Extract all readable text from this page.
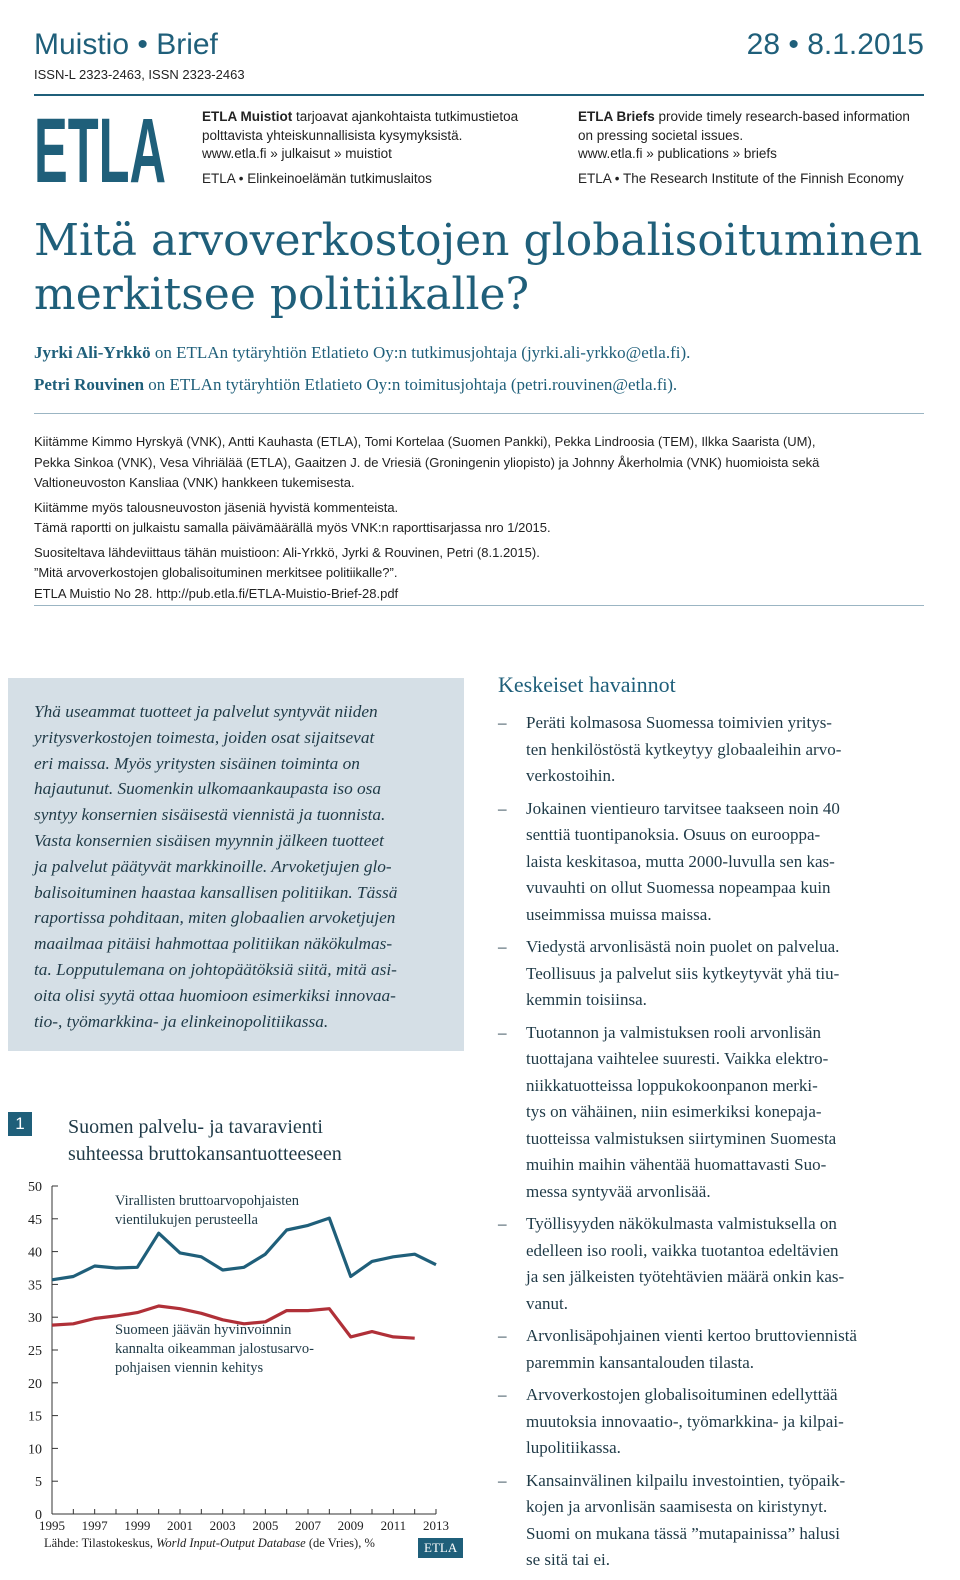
Muistio • Brief	28 • 8.1.2015
ISSN-L 2323-2463, ISSN 2323-2463
ETLA	ETLA Muistiot tarjoavat ajankohtaista tutkimustietoa
polttavista yhteiskunnallisista kysymyksistä.
www.etla.fi » julkaisut » muistiot
ETLA • Elinkeinoelämän tutkimuslaitos
ETLA Briefs provide timely research-based information
on pressing societal issues.
www.etla.fi » publications » briefs
ETLA • The Research Institute of the Finnish Economy
Mitä arvoverkostojen globalisoituminen
merkitsee politiikalle?
Jyrki Ali-Yrkkö on ETLAn tytäryhtiön Etlatieto Oy:n tutkimusjohtaja (jyrki.ali-yrkko@etla.fi).
Petri Rouvinen on ETLAn tytäryhtiön Etlatieto Oy:n toimitusjohtaja (petri.rouvinen@etla.fi).
Kiitämme Kimmo Hyrskyä (VNK), Antti Kauhasta (ETLA), Tomi Kortelaa (Suomen Pankki), Pekka Lindroosia (TEM), Ilkka Saarista (UM),
Pekka Sinkoa (VNK), Vesa Vihriälää (ETLA), Gaaitzen J. de Vriesiä (Groningenin yliopisto) ja Johnny Åkerholmia (VNK) huomioista sekä
Valtioneuvoston Kansliaa (VNK) hankkeen tukemisesta.
Kiitämme myös talousneuvoston jäseniä hyvistä kommenteista.
Tämä raportti on julkaistu samalla päivämäärällä myös VNK:n raporttisarjassa nro 1/2015.
Suositeltava lähdeviittaus tähän muistioon: Ali-Yrkkö, Jyrki & Rouvinen, Petri (8.1.2015).
”Mitä arvoverkostojen globalisoituminen merkitsee politiikalle?”.
ETLA Muistio No 28. http://pub.etla.fi/ETLA-Muistio-Brief-28.pdf
Yhä useammat tuotteet ja palvelut syntyvät niiden
yritysverkostojen toimesta, joiden osat sijaitsevat
eri maissa. Myös yritysten sisäinen toiminta on
hajautunut. Suomenkin ulkomaankaupasta iso osa
syntyy konsernien sisäisestä viennistä ja tuonnista.
Vasta konsernien sisäisen myynnin jälkeen tuotteet
ja palvelut päätyvät markkinoille. Arvoketjujen glo-
balisoituminen haastaa kansallisen politiikan. Tässä
raportissa pohditaan, miten globaalien arvoketjujen
maailmaa pitäisi hahmottaa politiikan näkökulmas-
ta. Lopputulemana on johtopäätöksiä siitä, mitä asi-
oita olisi syytä ottaa huomioon esimerkiksi innovaa-
tio-, työmarkkina- ja elinkeinopolitiikassa.
Keskeiset havainnot
– Peräti kolmasosa Suomessa toimivien yritys-
ten henkilöstöstä kytkeytyy globaaleihin arvo-
verkostoihin.
– Jokainen vientieuro tarvitsee taakseen noin 40
senttiä tuontipanoksia. Osuus on eurooppa-
laista keskitasoa, mutta 2000-luvulla sen kas-
vuvauhti on ollut Suomessa nopeampaa kuin
useimmissa muissa maissa.
– Viedystä arvonlisästä noin puolet on palvelua.
Teollisuus ja palvelut siis kytkeytyvät yhä tiu-
kemmin toisiinsa.
– Tuotannon ja valmistuksen rooli arvonlisän
tuottajana vaihtelee suuresti. Vaikka elektro-
niikkatuotteissa loppukokoonpanon merki-
tys on vähäinen, niin esimerkiksi konepaja-
tuotteissa valmistuksen siirtyminen Suomesta
muihin maihin vähentää huomattavasti Suo-
messa syntyvää arvonlisää.
– Työllisyyden näkökulmasta valmistuksella on
edelleen iso rooli, vaikka tuotantoa edeltävien
ja sen jälkeisten työtehtävien määrä onkin kas-
vanut.
– Arvonlisäpohjainen vienti kertoo bruttoviennistä
paremmin kansantalouden tilasta.
– Arvoverkostojen globalisoituminen edellyttää
muutoksia innovaatio-, työmarkkina- ja kilpai-
lupolitiikassa.
– Kansainvälinen kilpailu investointien, työpaik-
kojen ja arvonlisän saamisesta on kiristynyt.
Suomi on mukana tässä ”mutapainissa” halusi
se sitä tai ei.
1	Suomen palvelu- ja tavaravienti
suhteessa bruttokansantuotteeseen
0
5
10
15
20
25
30
35
40
45
50
1995 1997 1999 2001 2003 2005 2007 2009 2011 2013
Virallisten bruttoarvopohjaisten
vientilukujen perusteella
Suomeen jäävän hyvinvoinnin
kannalta oikeamman jalostusarvo-
pohjaisen viennin kehitys
Lähde: Tilastokeskus, World Input-Output Database (de Vries), %	ETLA
